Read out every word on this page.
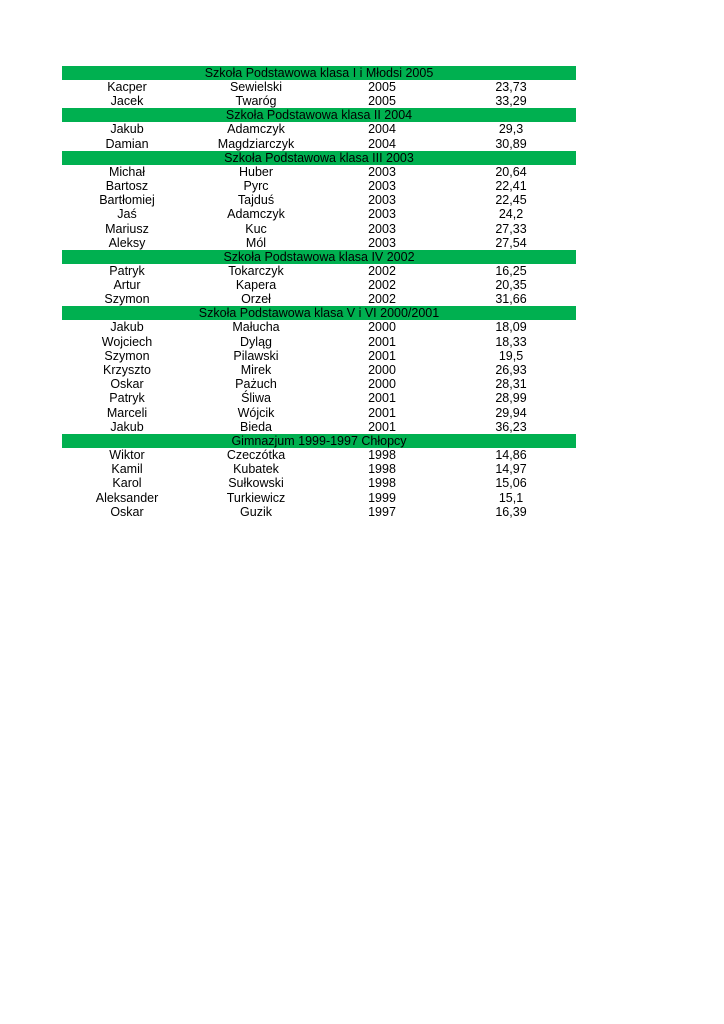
Szkoła Podstawowa klasa I i Młodsi 2005
Kacper	Sewielski	2005	23,73
Jacek	Twaróg	2005	33,29
Szkoła Podstawowa klasa II 2004
Jakub	Adamczyk	2004	29,3
Damian	Magdziarczyk	2004	30,89
Szkoła Podstawowa klasa III 2003
Michał	Huber	2003	20,64
Bartosz	Pyrc	2003	22,41
Bartłomiej	Tajduś	2003	22,45
Jaś	Adamczyk	2003	24,2
Mariusz	Kuc	2003	27,33
Aleksy	Mól	2003	27,54
Szkoła Podstawowa klasa IV 2002
Patryk	Tokarczyk	2002	16,25
Artur	Kapera	2002	20,35
Szymon	Orzeł	2002	31,66
Szkoła Podstawowa klasa V i VI 2000/2001
Jakub	Małucha	2000	18,09
Wojciech	Dyląg	2001	18,33
Szymon	Pilawski	2001	19,5
Krzyszto	Mirek	2000	26,93
Oskar	Pażuch	2000	28,31
Patryk	Śliwa	2001	28,99
Marceli	Wójcik	2001	29,94
Jakub	Bieda	2001	36,23
Gimnazjum 1999-1997 Chłopcy
Wiktor	Czeczótka	1998	14,86
Kamil	Kubatek	1998	14,97
Karol	Sułkowski	1998	15,06
Aleksander	Turkiewicz	1999	15,1
Oskar	Guzik	1997	16,39
